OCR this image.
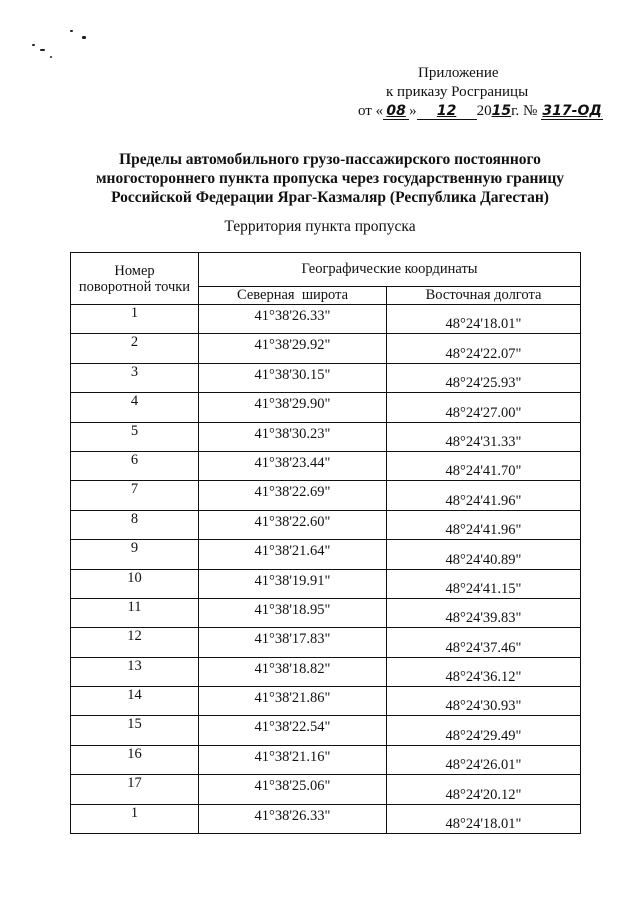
Приложение
к приказу Росграницы
от « 08 » 12 2015г. № 317-ОД
Пределы автомобильного грузо-пассажирского постоянного
многостороннего пункта пропуска через государственную границу
Российской Федерации Яраг-Казмаляр (Республика Дагестан)
Территория пункта пропуска
Номер поворотной точки	Географические координаты	
	Северная  широта	Восточная долгота
1	41°38'26.33"	48°24'18.01"
2	41°38'29.92"	48°24'22.07"
3	41°38'30.15"	48°24'25.93"
4	41°38'29.90"	48°24'27.00"
5	41°38'30.23"	48°24'31.33"
6	41°38'23.44"	48°24'41.70"
7	41°38'22.69"	48°24'41.96"
8	41°38'22.60"	48°24'41.96"
9	41°38'21.64"	48°24'40.89"
10	41°38'19.91"	48°24'41.15"
11	41°38'18.95"	48°24'39.83"
12	41°38'17.83"	48°24'37.46"
13	41°38'18.82"	48°24'36.12"
14	41°38'21.86"	48°24'30.93"
15	41°38'22.54"	48°24'29.49"
16	41°38'21.16"	48°24'26.01"
17	41°38'25.06"	48°24'20.12"
1	41°38'26.33"	48°24'18.01"
